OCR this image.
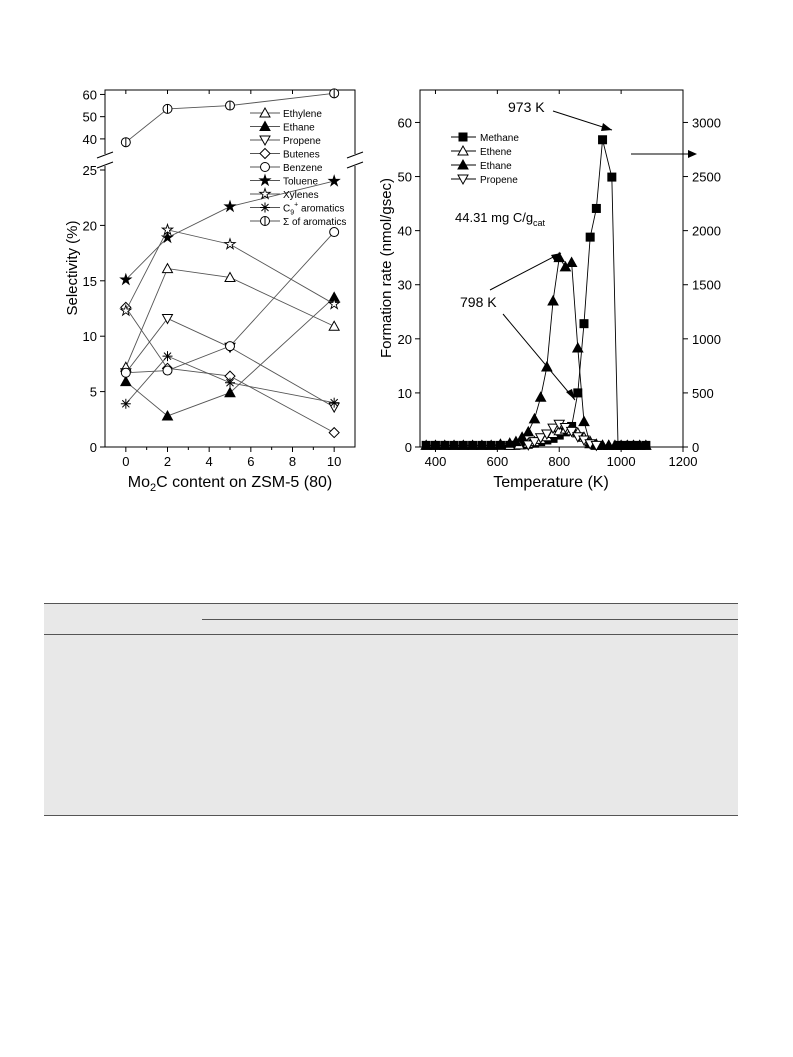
0	2	4	6	8 10
0
5
10
15
20
25
40
50
60
Selectivity (%)
$Mo_2C$ content on ZSM-5 (80)
Ethylene
Ethane
Propene
Butenes
Benzene
Toluene
Xylenes
$C_9^+$ aromatics
Σ of aromatics
400	600	800	1000	1200
0
10
20
30
40
50
60
0
500
1000
1500
2000
2500
3000
Formation rate (nmol/gsec)
Temperature (K)
Methane
Ethene
Ethane
Propene
44.31 mg $C/g_{cat}$
973 K
798 K
